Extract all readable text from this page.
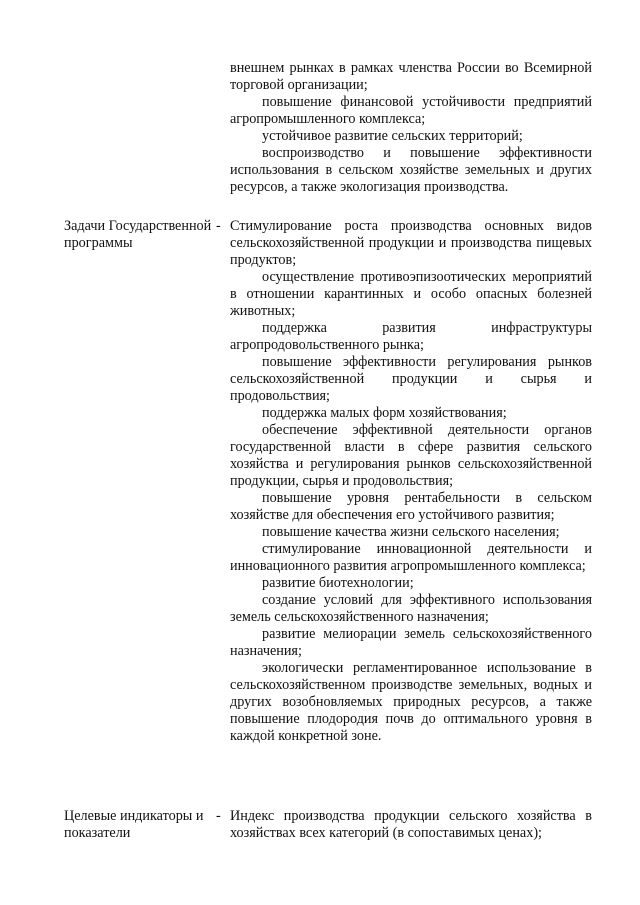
внешнем рынках в рамках членства России во Всемирной торговой организации;

повышение финансовой устойчивости предприятий агропромышленного комплекса;

устойчивое развитие сельских территорий;

воспроизводство и повышение эффективности использования в сельском хозяйстве земельных и других ресурсов, а также экологизация производства.

Задачи Государственной программы
- Стимулирование роста производства основных видов сельскохозяйственной продукции и производства пищевых продуктов;

осуществление противоэпизоотических мероприятий в отношении карантинных и особо опасных болезней животных;

поддержка развития инфраструктуры агропродовольственного рынка;

повышение эффективности регулирования рынков сельскохозяйственной продукции и сырья и продовольствия;

поддержка малых форм хозяйствования;

обеспечение эффективной деятельности органов государственной власти в сфере развития сельского хозяйства и регулирования рынков сельскохозяйственной продукции, сырья и продовольствия;

повышение уровня рентабельности в сельском хозяйстве для обеспечения его устойчивого развития;

повышение качества жизни сельского населения;

стимулирование инновационной деятельности и инновационного развития агропромышленного комплекса;

развитие биотехнологии;

создание условий для эффективного использования земель сельскохозяйственного назначения;

развитие мелиорации земель сельскохозяйственного назначения;

экологически регламентированное использование в сельскохозяйственном производстве земельных, водных и других возобновляемых природных ресурсов, а также повышение плодородия почв до оптимального уровня в каждой конкретной зоне.

Целевые индикаторы и показатели
- Индекс производства продукции сельского хозяйства в хозяйствах всех категорий (в сопоставимых ценах);
